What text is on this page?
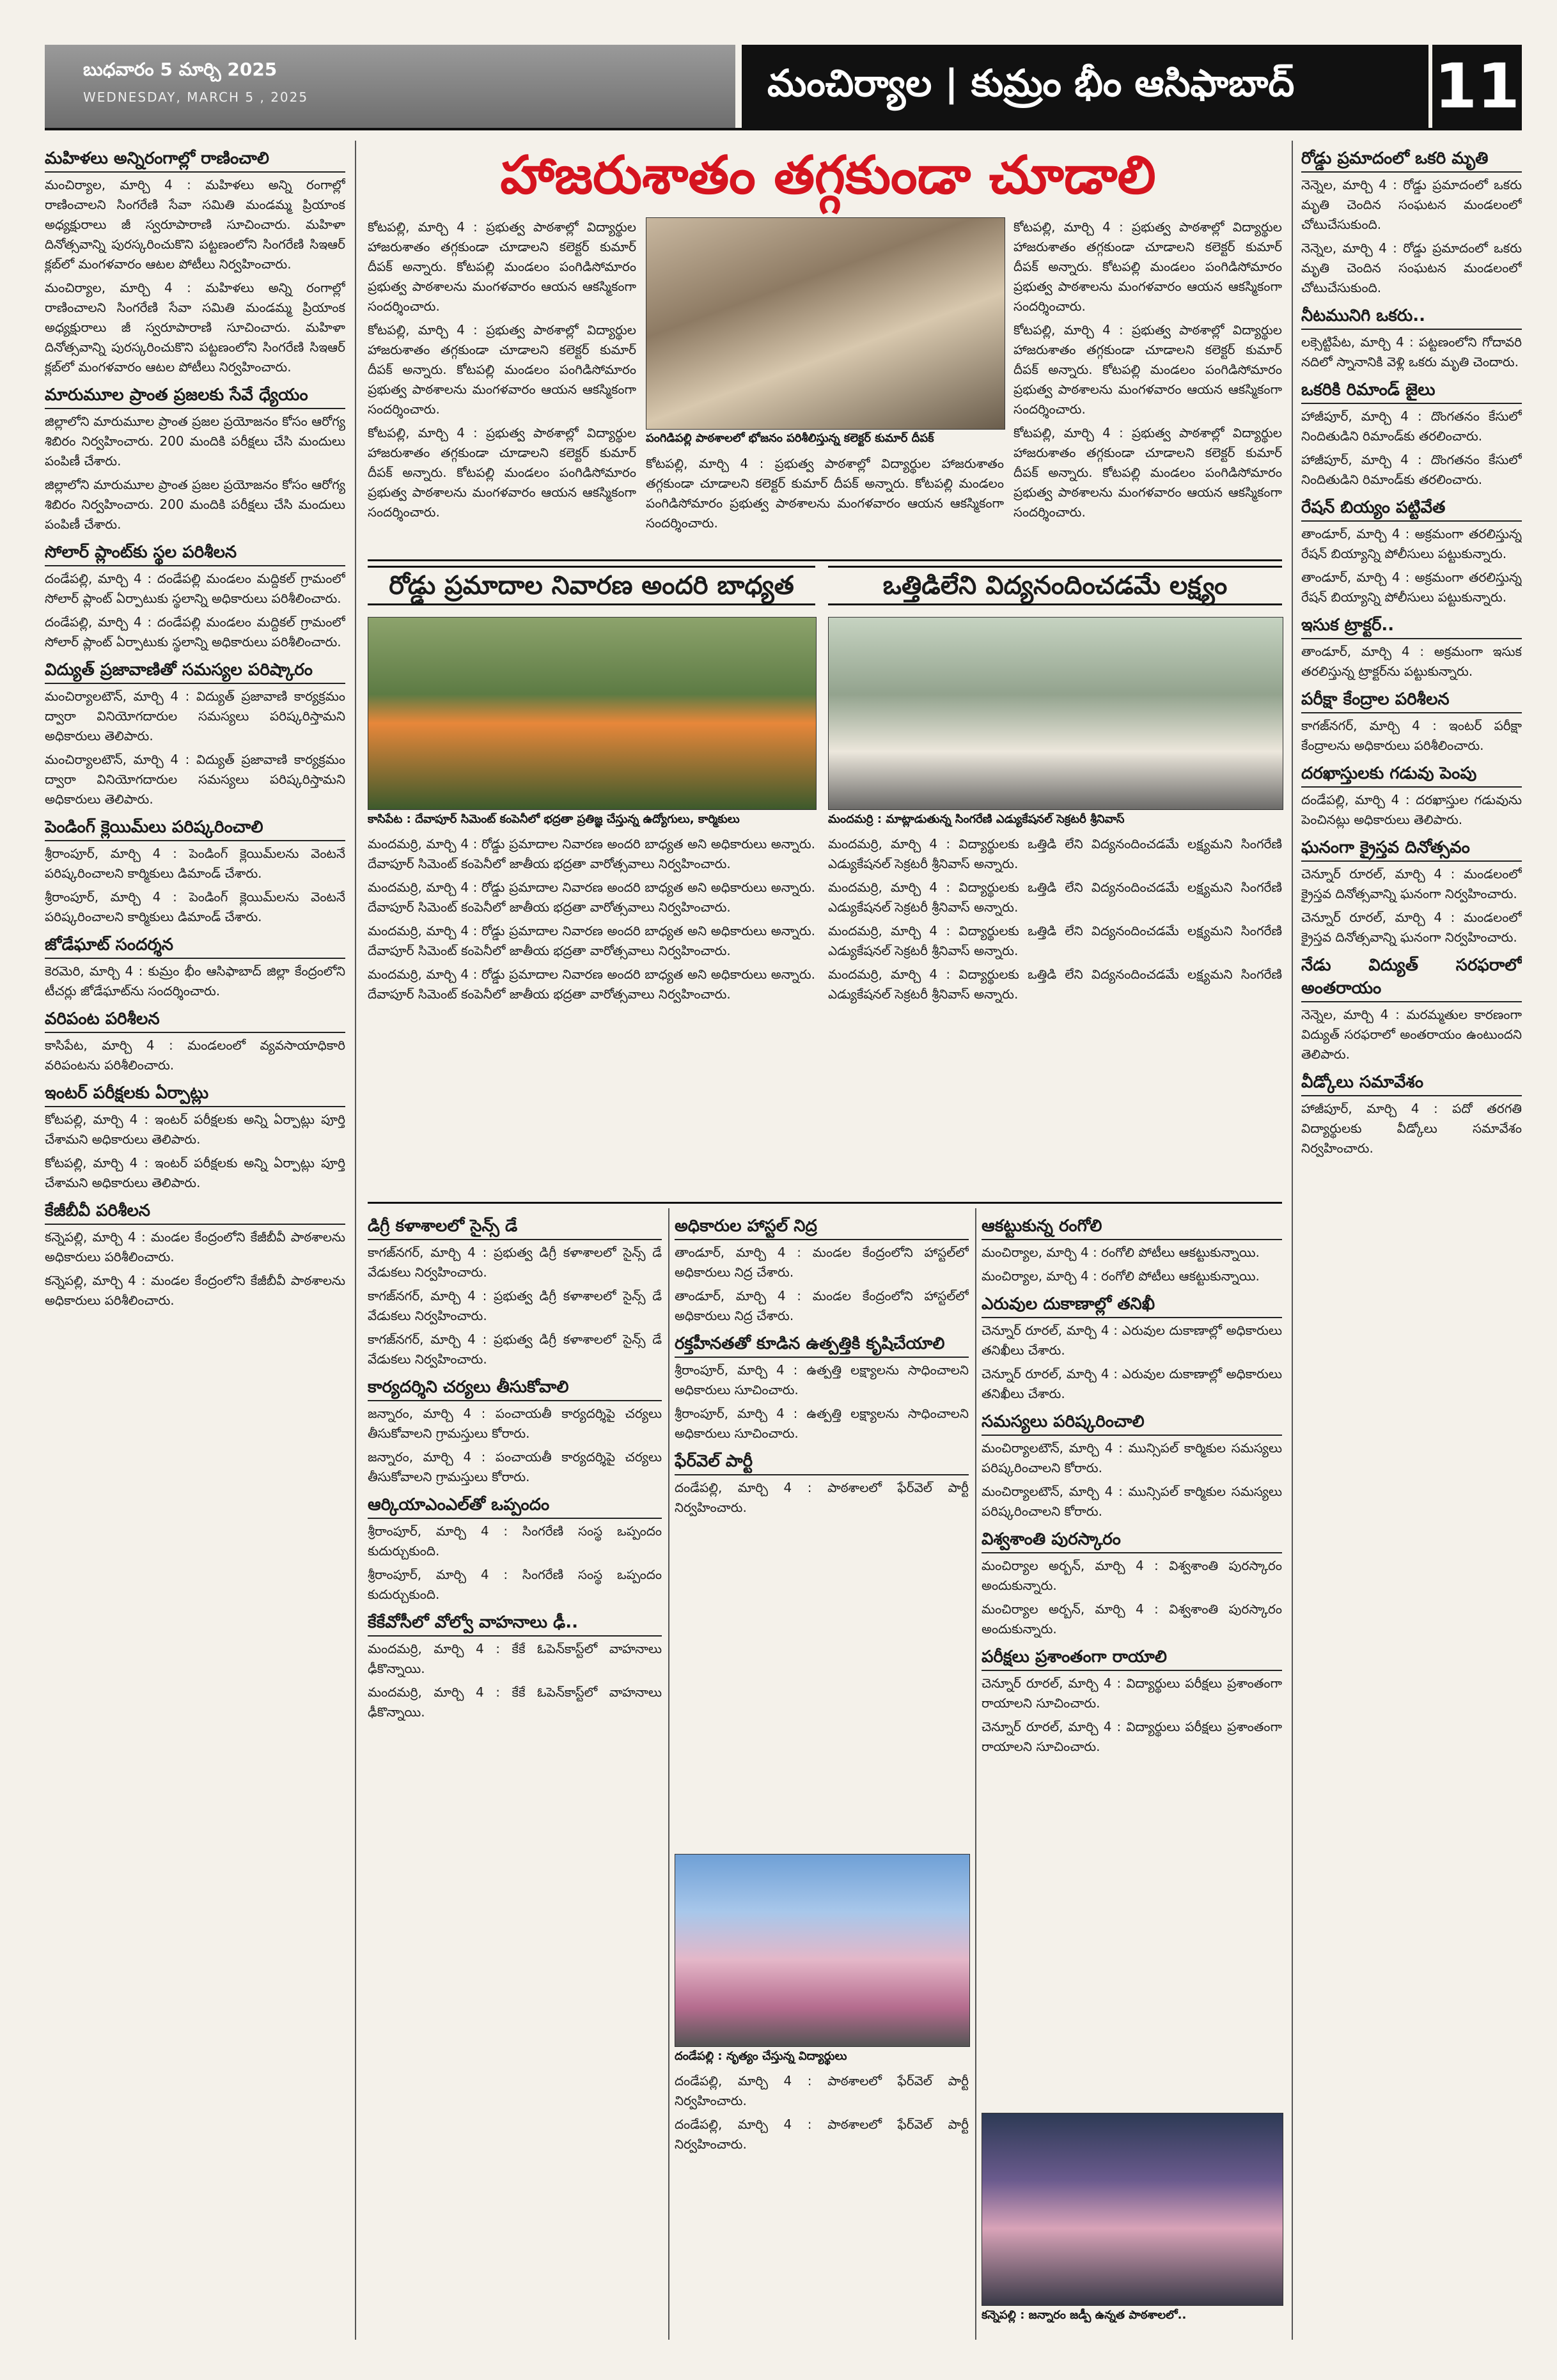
బుధవారం 5 మార్చి 2025
WEDNESDAY, MARCH 5 , 2025	మంచిర్యాల | కుమ్రం భీం ఆసిఫాబాద్ 11
మహిళలు అన్నిరంగాల్లో రాణించాలి
మంచిర్యాల, మార్చి 4 : మహిళలు అన్ని రంగాల్లో రాణించాలని సింగరేణి సేవా సమితి మండమ్మ ప్రియాంక అధ్యక్షురాలు జీ స్వరూపారాణి సూచించారు. మహిళా దినోత్సవాన్ని పురస్కరించుకొని పట్టణంలోని సింగరేణి సిఇఆర్ క్లబ్‌లో మంగళవారం ఆటల పోటీలు నిర్వహించారు.
మంచిర్యాల, మార్చి 4 : మహిళలు అన్ని రంగాల్లో రాణించాలని సింగరేణి సేవా సమితి మండమ్మ ప్రియాంక అధ్యక్షురాలు జీ స్వరూపారాణి సూచించారు. మహిళా దినోత్సవాన్ని పురస్కరించుకొని పట్టణంలోని సింగరేణి సిఇఆర్ క్లబ్‌లో మంగళవారం ఆటల పోటీలు నిర్వహించారు.
మారుమూల ప్రాంత ప్రజలకు సేవే ధ్యేయం
జిల్లాలోని మారుమూల ప్రాంత ప్రజల ప్రయోజనం కోసం ఆరోగ్య శిబిరం నిర్వహించారు. 200 మందికి పరీక్షలు చేసి మందులు పంపిణీ చేశారు.
జిల్లాలోని మారుమూల ప్రాంత ప్రజల ప్రయోజనం కోసం ఆరోగ్య శిబిరం నిర్వహించారు. 200 మందికి పరీక్షలు చేసి మందులు పంపిణీ చేశారు.
సోలార్ ప్లాంట్‌కు స్థల పరిశీలన
దండేపల్లి, మార్చి 4 : దండేపల్లి మండలం మద్దికల్ గ్రామంలో సోలార్ ప్లాంట్ ఏర్పాటుకు స్థలాన్ని అధికారులు పరిశీలించారు.
దండేపల్లి, మార్చి 4 : దండేపల్లి మండలం మద్దికల్ గ్రామంలో సోలార్ ప్లాంట్ ఏర్పాటుకు స్థలాన్ని అధికారులు పరిశీలించారు.
విద్యుత్ ప్రజావాణితో సమస్యల పరిష్కారం
మంచిర్యాలటౌన్, మార్చి 4 : విద్యుత్ ప్రజావాణి కార్యక్రమం ద్వారా వినియోగదారుల సమస్యలు పరిష్కరిస్తామని అధికారులు తెలిపారు.
మంచిర్యాలటౌన్, మార్చి 4 : విద్యుత్ ప్రజావాణి కార్యక్రమం ద్వారా వినియోగదారుల సమస్యలు పరిష్కరిస్తామని అధికారులు తెలిపారు.
పెండింగ్ క్లెయిమ్‌లు పరిష్కరించాలి
శ్రీరాంపూర్, మార్చి 4 : పెండింగ్ క్లెయిమ్‌లను వెంటనే పరిష్కరించాలని కార్మికులు డిమాండ్ చేశారు.
శ్రీరాంపూర్, మార్చి 4 : పెండింగ్ క్లెయిమ్‌లను వెంటనే పరిష్కరించాలని కార్మికులు డిమాండ్ చేశారు.
జోడేఘాట్ సందర్శన
కెరమెరి, మార్చి 4 : కుమ్రం భీం ఆసిఫాబాద్ జిల్లా కేంద్రంలోని టీచర్లు జోడేఘాట్‌ను సందర్శించారు.
వరిపంట పరిశీలన
కాసిపేట, మార్చి 4 : మండలంలో వ్యవసాయాధికారి వరిపంటను పరిశీలించారు.
ఇంటర్ పరీక్షలకు ఏర్పాట్లు
కోటపల్లి, మార్చి 4 : ఇంటర్ పరీక్షలకు అన్ని ఏర్పాట్లు పూర్తి చేశామని అధికారులు తెలిపారు.
కోటపల్లి, మార్చి 4 : ఇంటర్ పరీక్షలకు అన్ని ఏర్పాట్లు పూర్తి చేశామని అధికారులు తెలిపారు.
కేజీబీవీ పరిశీలన
కన్నెపల్లి, మార్చి 4 : మండల కేంద్రంలోని కేజీబీవీ పాఠశాలను అధికారులు పరిశీలించారు.
కన్నెపల్లి, మార్చి 4 : మండల కేంద్రంలోని కేజీబీవీ పాఠశాలను అధికారులు పరిశీలించారు.
హాజరుశాతం తగ్గకుండా చూడాలి
కోటపల్లి, మార్చి 4 : ప్రభుత్వ పాఠశాల్లో విద్యార్థుల హాజరుశాతం తగ్గకుండా చూడాలని కలెక్టర్ కుమార్ దీపక్ అన్నారు. కోటపల్లి మండలం పంగిడిసోమారం ప్రభుత్వ పాఠశాలను మంగళవారం ఆయన ఆకస్మికంగా సందర్శించారు.
కోటపల్లి, మార్చి 4 : ప్రభుత్వ పాఠశాల్లో విద్యార్థుల హాజరుశాతం తగ్గకుండా చూడాలని కలెక్టర్ కుమార్ దీపక్ అన్నారు. కోటపల్లి మండలం పంగిడిసోమారం ప్రభుత్వ పాఠశాలను మంగళవారం ఆయన ఆకస్మికంగా సందర్శించారు.
కోటపల్లి, మార్చి 4 : ప్రభుత్వ పాఠశాల్లో విద్యార్థుల హాజరుశాతం తగ్గకుండా చూడాలని కలెక్టర్ కుమార్ దీపక్ అన్నారు. కోటపల్లి మండలం పంగిడిసోమారం ప్రభుత్వ పాఠశాలను మంగళవారం ఆయన ఆకస్మికంగా సందర్శించారు.
పంగిడిపల్లి పాఠశాలలో భోజనం పరిశీలిస్తున్న కలెక్టర్ కుమార్ దీపక్
కోటపల్లి, మార్చి 4 : ప్రభుత్వ పాఠశాల్లో విద్యార్థుల హాజరుశాతం తగ్గకుండా చూడాలని కలెక్టర్ కుమార్ దీపక్ అన్నారు. కోటపల్లి మండలం పంగిడిసోమారం ప్రభుత్వ పాఠశాలను మంగళవారం ఆయన ఆకస్మికంగా సందర్శించారు.
కోటపల్లి, మార్చి 4 : ప్రభుత్వ పాఠశాల్లో విద్యార్థుల హాజరుశాతం తగ్గకుండా చూడాలని కలెక్టర్ కుమార్ దీపక్ అన్నారు. కోటపల్లి మండలం పంగిడిసోమారం ప్రభుత్వ పాఠశాలను మంగళవారం ఆయన ఆకస్మికంగా సందర్శించారు.
కోటపల్లి, మార్చి 4 : ప్రభుత్వ పాఠశాల్లో విద్యార్థుల హాజరుశాతం తగ్గకుండా చూడాలని కలెక్టర్ కుమార్ దీపక్ అన్నారు. కోటపల్లి మండలం పంగిడిసోమారం ప్రభుత్వ పాఠశాలను మంగళవారం ఆయన ఆకస్మికంగా సందర్శించారు.
కోటపల్లి, మార్చి 4 : ప్రభుత్వ పాఠశాల్లో విద్యార్థుల హాజరుశాతం తగ్గకుండా చూడాలని కలెక్టర్ కుమార్ దీపక్ అన్నారు. కోటపల్లి మండలం పంగిడిసోమారం ప్రభుత్వ పాఠశాలను మంగళవారం ఆయన ఆకస్మికంగా సందర్శించారు.
రోడ్డు ప్రమాదంలో ఒకరి మృతి
నెన్నెల, మార్చి 4 : రోడ్డు ప్రమాదంలో ఒకరు మృతి చెందిన సంఘటన మండలంలో చోటుచేసుకుంది.
నెన్నెల, మార్చి 4 : రోడ్డు ప్రమాదంలో ఒకరు మృతి చెందిన సంఘటన మండలంలో చోటుచేసుకుంది.
నీటమునిగి ఒకరు..
లక్సెట్టిపేట, మార్చి 4 : పట్టణంలోని గోదావరి నదిలో స్నానానికి వెళ్లి ఒకరు మృతి చెందారు.
ఒకరికి రిమాండ్ జైలు
హాజీపూర్, మార్చి 4 : దొంగతనం కేసులో నిందితుడిని రిమాండ్‌కు తరలించారు.
హాజీపూర్, మార్చి 4 : దొంగతనం కేసులో నిందితుడిని రిమాండ్‌కు తరలించారు.
రేషన్ బియ్యం పట్టివేత
తాండూర్, మార్చి 4 : అక్రమంగా తరలిస్తున్న రేషన్ బియ్యాన్ని పోలీసులు పట్టుకున్నారు.
తాండూర్, మార్చి 4 : అక్రమంగా తరలిస్తున్న రేషన్ బియ్యాన్ని పోలీసులు పట్టుకున్నారు.
ఇసుక ట్రాక్టర్..
తాండూర్, మార్చి 4 : అక్రమంగా ఇసుక తరలిస్తున్న ట్రాక్టర్‌ను పట్టుకున్నారు.
పరీక్షా కేంద్రాల పరిశీలన
కాగజ్‌నగర్, మార్చి 4 : ఇంటర్ పరీక్షా కేంద్రాలను అధికారులు పరిశీలించారు.
దరఖాస్తులకు గడువు పెంపు
దండేపల్లి, మార్చి 4 : దరఖాస్తుల గడువును పెంచినట్లు అధికారులు తెలిపారు.
ఘనంగా క్రైస్తవ దినోత్సవం
చెన్నూర్ రూరల్, మార్చి 4 : మండలంలో క్రైస్తవ దినోత్సవాన్ని ఘనంగా నిర్వహించారు.
చెన్నూర్ రూరల్, మార్చి 4 : మండలంలో క్రైస్తవ దినోత్సవాన్ని ఘనంగా నిర్వహించారు.
నేడు విద్యుత్ సరఫరాలో అంతరాయం
నెన్నెల, మార్చి 4 : మరమ్మతుల కారణంగా విద్యుత్ సరఫరాలో అంతరాయం ఉంటుందని తెలిపారు.
వీడ్కోలు సమావేశం
హాజీపూర్, మార్చి 4 : పదో తరగతి విద్యార్థులకు వీడ్కోలు సమావేశం నిర్వహించారు.
రోడ్డు ప్రమాదాల నివారణ అందరి బాధ్యత	ఒత్తిడిలేని విద్యనందించడమే లక్ష్యం
కాసిపేట : దేవాపూర్ సిమెంట్ కంపెనీలో భద్రతా ప్రతిజ్ఞ చేస్తున్న ఉద్యోగులు, కార్మికులు
మందమర్రి, మార్చి 4 : రోడ్డు ప్రమాదాల నివారణ అందరి బాధ్యత అని అధికారులు అన్నారు. దేవాపూర్ సిమెంట్ కంపెనీలో జాతీయ భద్రతా వారోత్సవాలు నిర్వహించారు.
మందమర్రి, మార్చి 4 : రోడ్డు ప్రమాదాల నివారణ అందరి బాధ్యత అని అధికారులు అన్నారు. దేవాపూర్ సిమెంట్ కంపెనీలో జాతీయ భద్రతా వారోత్సవాలు నిర్వహించారు.
మందమర్రి, మార్చి 4 : రోడ్డు ప్రమాదాల నివారణ అందరి బాధ్యత అని అధికారులు అన్నారు. దేవాపూర్ సిమెంట్ కంపెనీలో జాతీయ భద్రతా వారోత్సవాలు నిర్వహించారు.
మందమర్రి, మార్చి 4 : రోడ్డు ప్రమాదాల నివారణ అందరి బాధ్యత అని అధికారులు అన్నారు. దేవాపూర్ సిమెంట్ కంపెనీలో జాతీయ భద్రతా వారోత్సవాలు నిర్వహించారు.
మందమర్రి : మాట్లాడుతున్న సింగరేణి ఎడ్యుకేషనల్ సెక్రటరీ శ్రీనివాస్
మందమర్రి, మార్చి 4 : విద్యార్థులకు ఒత్తిడి లేని విద్యనందించడమే లక్ష్యమని సింగరేణి ఎడ్యుకేషనల్ సెక్రటరీ శ్రీనివాస్ అన్నారు.
మందమర్రి, మార్చి 4 : విద్యార్థులకు ఒత్తిడి లేని విద్యనందించడమే లక్ష్యమని సింగరేణి ఎడ్యుకేషనల్ సెక్రటరీ శ్రీనివాస్ అన్నారు.
మందమర్రి, మార్చి 4 : విద్యార్థులకు ఒత్తిడి లేని విద్యనందించడమే లక్ష్యమని సింగరేణి ఎడ్యుకేషనల్ సెక్రటరీ శ్రీనివాస్ అన్నారు.
మందమర్రి, మార్చి 4 : విద్యార్థులకు ఒత్తిడి లేని విద్యనందించడమే లక్ష్యమని సింగరేణి ఎడ్యుకేషనల్ సెక్రటరీ శ్రీనివాస్ అన్నారు.
డిగ్రీ కళాశాలలో సైన్స్ డే
కాగజ్‌నగర్, మార్చి 4 : ప్రభుత్వ డిగ్రీ కళాశాలలో సైన్స్ డే వేడుకలు నిర్వహించారు.
కాగజ్‌నగర్, మార్చి 4 : ప్రభుత్వ డిగ్రీ కళాశాలలో సైన్స్ డే వేడుకలు నిర్వహించారు.
కాగజ్‌నగర్, మార్చి 4 : ప్రభుత్వ డిగ్రీ కళాశాలలో సైన్స్ డే వేడుకలు నిర్వహించారు.
కార్యదర్శిని చర్యలు తీసుకోవాలి
జన్నారం, మార్చి 4 : పంచాయతీ కార్యదర్శిపై చర్యలు తీసుకోవాలని గ్రామస్తులు కోరారు.
జన్నారం, మార్చి 4 : పంచాయతీ కార్యదర్శిపై చర్యలు తీసుకోవాలని గ్రామస్తులు కోరారు.
ఆర్కియాఎంఎల్‌తో ఒప్పందం
శ్రీరాంపూర్, మార్చి 4 : సింగరేణి సంస్థ ఒప్పందం కుదుర్చుకుంది.
శ్రీరాంపూర్, మార్చి 4 : సింగరేణి సంస్థ ఒప్పందం కుదుర్చుకుంది.
కేకేవోసీలో వోల్వో వాహనాలు ఢీ..
మందమర్రి, మార్చి 4 : కేకే ఓపెన్‌కాస్ట్‌లో వాహనాలు ఢీకొన్నాయి.
మందమర్రి, మార్చి 4 : కేకే ఓపెన్‌కాస్ట్‌లో వాహనాలు ఢీకొన్నాయి.
అధికారుల హాస్టల్ నిద్ర
తాండూర్, మార్చి 4 : మండల కేంద్రంలోని హాస్టల్‌లో అధికారులు నిద్ర చేశారు.
తాండూర్, మార్చి 4 : మండల కేంద్రంలోని హాస్టల్‌లో అధికారులు నిద్ర చేశారు.
రక్తహీనతతో కూడిన ఉత్పత్తికి కృషిచేయాలి
శ్రీరాంపూర్, మార్చి 4 : ఉత్పత్తి లక్ష్యాలను సాధించాలని అధికారులు సూచించారు.
శ్రీరాంపూర్, మార్చి 4 : ఉత్పత్తి లక్ష్యాలను సాధించాలని అధికారులు సూచించారు.
ఫేర్‌వెల్ పార్టీ
దండేపల్లి, మార్చి 4 : పాఠశాలలో ఫేర్‌వెల్ పార్టీ నిర్వహించారు.
దండేపల్లి : నృత్యం చేస్తున్న విద్యార్థులు
దండేపల్లి, మార్చి 4 : పాఠశాలలో ఫేర్‌వెల్ పార్టీ నిర్వహించారు.
దండేపల్లి, మార్చి 4 : పాఠశాలలో ఫేర్‌వెల్ పార్టీ నిర్వహించారు.
ఆకట్టుకున్న రంగోలి
మంచిర్యాల, మార్చి 4 : రంగోలి పోటీలు ఆకట్టుకున్నాయి.
మంచిర్యాల, మార్చి 4 : రంగోలి పోటీలు ఆకట్టుకున్నాయి.
ఎరువుల దుకాణాల్లో తనిఖీ
చెన్నూర్ రూరల్, మార్చి 4 : ఎరువుల దుకాణాల్లో అధికారులు తనిఖీలు చేశారు.
చెన్నూర్ రూరల్, మార్చి 4 : ఎరువుల దుకాణాల్లో అధికారులు తనిఖీలు చేశారు.
సమస్యలు పరిష్కరించాలి
మంచిర్యాలటౌన్, మార్చి 4 : మున్సిపల్ కార్మికుల సమస్యలు పరిష్కరించాలని కోరారు.
మంచిర్యాలటౌన్, మార్చి 4 : మున్సిపల్ కార్మికుల సమస్యలు పరిష్కరించాలని కోరారు.
విశ్వశాంతి పురస్కారం
మంచిర్యాల అర్బన్, మార్చి 4 : విశ్వశాంతి పురస్కారం అందుకున్నారు.
మంచిర్యాల అర్బన్, మార్చి 4 : విశ్వశాంతి పురస్కారం అందుకున్నారు.
పరీక్షలు ప్రశాంతంగా రాయాలి
చెన్నూర్ రూరల్, మార్చి 4 : విద్యార్థులు పరీక్షలు ప్రశాంతంగా రాయాలని సూచించారు.
చెన్నూర్ రూరల్, మార్చి 4 : విద్యార్థులు పరీక్షలు ప్రశాంతంగా రాయాలని సూచించారు.
కన్నెపల్లి : జన్నారం జడ్పీ ఉన్నత పాఠశాలలో..
